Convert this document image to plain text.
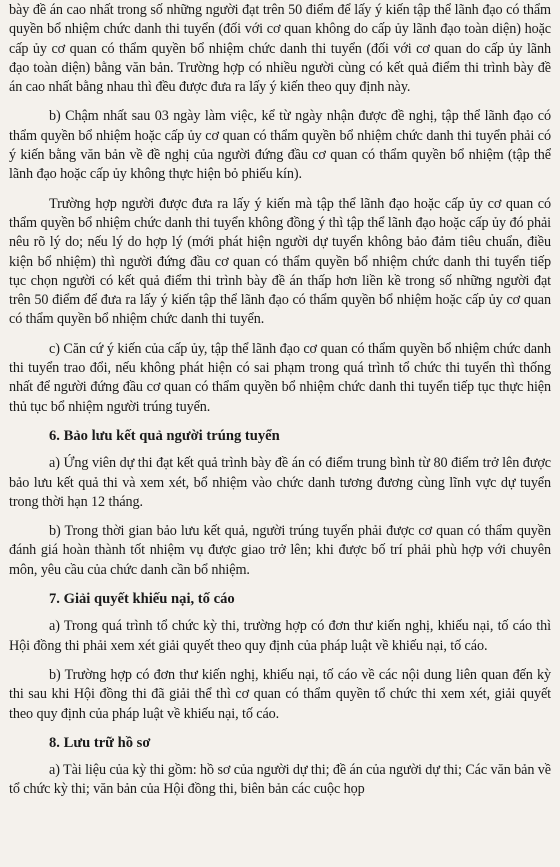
bày đề án cao nhất trong số những người đạt trên 50 điểm để lấy ý kiến tập thể lãnh đạo có thẩm quyền bổ nhiệm chức danh thi tuyển (đối với cơ quan không do cấp ủy lãnh đạo toàn diện) hoặc cấp ủy cơ quan có thẩm quyền bổ nhiệm chức danh thi tuyển (đối với cơ quan do cấp ủy lãnh đạo toàn diện) bằng văn bản. Trường hợp có nhiều người cùng có kết quả điểm thi trình bày đề án cao nhất bằng nhau thì đều được đưa ra lấy ý kiến theo quy định này.

b) Chậm nhất sau 03 ngày làm việc, kể từ ngày nhận được đề nghị, tập thể lãnh đạo có thẩm quyền bổ nhiệm hoặc cấp ủy cơ quan có thẩm quyền bổ nhiệm chức danh thi tuyển phải có ý kiến bằng văn bản về đề nghị của người đứng đầu cơ quan có thẩm quyền bổ nhiệm (tập thể lãnh đạo hoặc cấp ủy không thực hiện bỏ phiếu kín).

Trường hợp người được đưa ra lấy ý kiến mà tập thể lãnh đạo hoặc cấp ủy cơ quan có thẩm quyền bổ nhiệm chức danh thi tuyển không đồng ý thì tập thể lãnh đạo hoặc cấp ủy đó phải nêu rõ lý do; nếu lý do hợp lý (mới phát hiện người dự tuyển không bảo đảm tiêu chuẩn, điều kiện bổ nhiệm) thì người đứng đầu cơ quan có thẩm quyền bổ nhiệm chức danh thi tuyển tiếp tục chọn người có kết quả điểm thi trình bày đề án thấp hơn liền kề trong số những người đạt trên 50 điểm để đưa ra lấy ý kiến tập thể lãnh đạo có thẩm quyền bổ nhiệm hoặc cấp ủy cơ quan có thẩm quyền bổ nhiệm chức danh thi tuyển.

c) Căn cứ ý kiến của cấp ủy, tập thể lãnh đạo cơ quan có thẩm quyền bổ nhiệm chức danh thi tuyển trao đổi, nếu không phát hiện có sai phạm trong quá trình tổ chức thi tuyển thì thống nhất để người đứng đầu cơ quan có thẩm quyền bổ nhiệm chức danh thi tuyển tiếp tục thực hiện thủ tục bổ nhiệm người trúng tuyển.

6. Bảo lưu kết quả người trúng tuyển

a) Ứng viên dự thi đạt kết quả trình bày đề án có điểm trung bình từ 80 điểm trở lên được bảo lưu kết quả thi và xem xét, bổ nhiệm vào chức danh tương đương cùng lĩnh vực dự tuyển trong thời hạn 12 tháng.

b) Trong thời gian bảo lưu kết quả, người trúng tuyển phải được cơ quan có thẩm quyền đánh giá hoàn thành tốt nhiệm vụ được giao trở lên; khi được bố trí phải phù hợp với chuyên môn, yêu cầu của chức danh cần bổ nhiệm.

7. Giải quyết khiếu nại, tố cáo

a) Trong quá trình tổ chức kỳ thi, trường hợp có đơn thư kiến nghị, khiếu nại, tố cáo thì Hội đồng thi phải xem xét giải quyết theo quy định của pháp luật về khiếu nại, tố cáo.

b) Trường hợp có đơn thư kiến nghị, khiếu nại, tố cáo về các nội dung liên quan đến kỳ thi sau khi Hội đồng thi đã giải thể thì cơ quan có thẩm quyền tổ chức thi xem xét, giải quyết theo quy định của pháp luật về khiếu nại, tố cáo.

8. Lưu trữ hồ sơ

a) Tài liệu của kỳ thi gồm: hồ sơ của người dự thi; đề án của người dự thi; Các văn bản về tổ chức kỳ thi; văn bản của Hội đồng thi, biên bản các cuộc họp
